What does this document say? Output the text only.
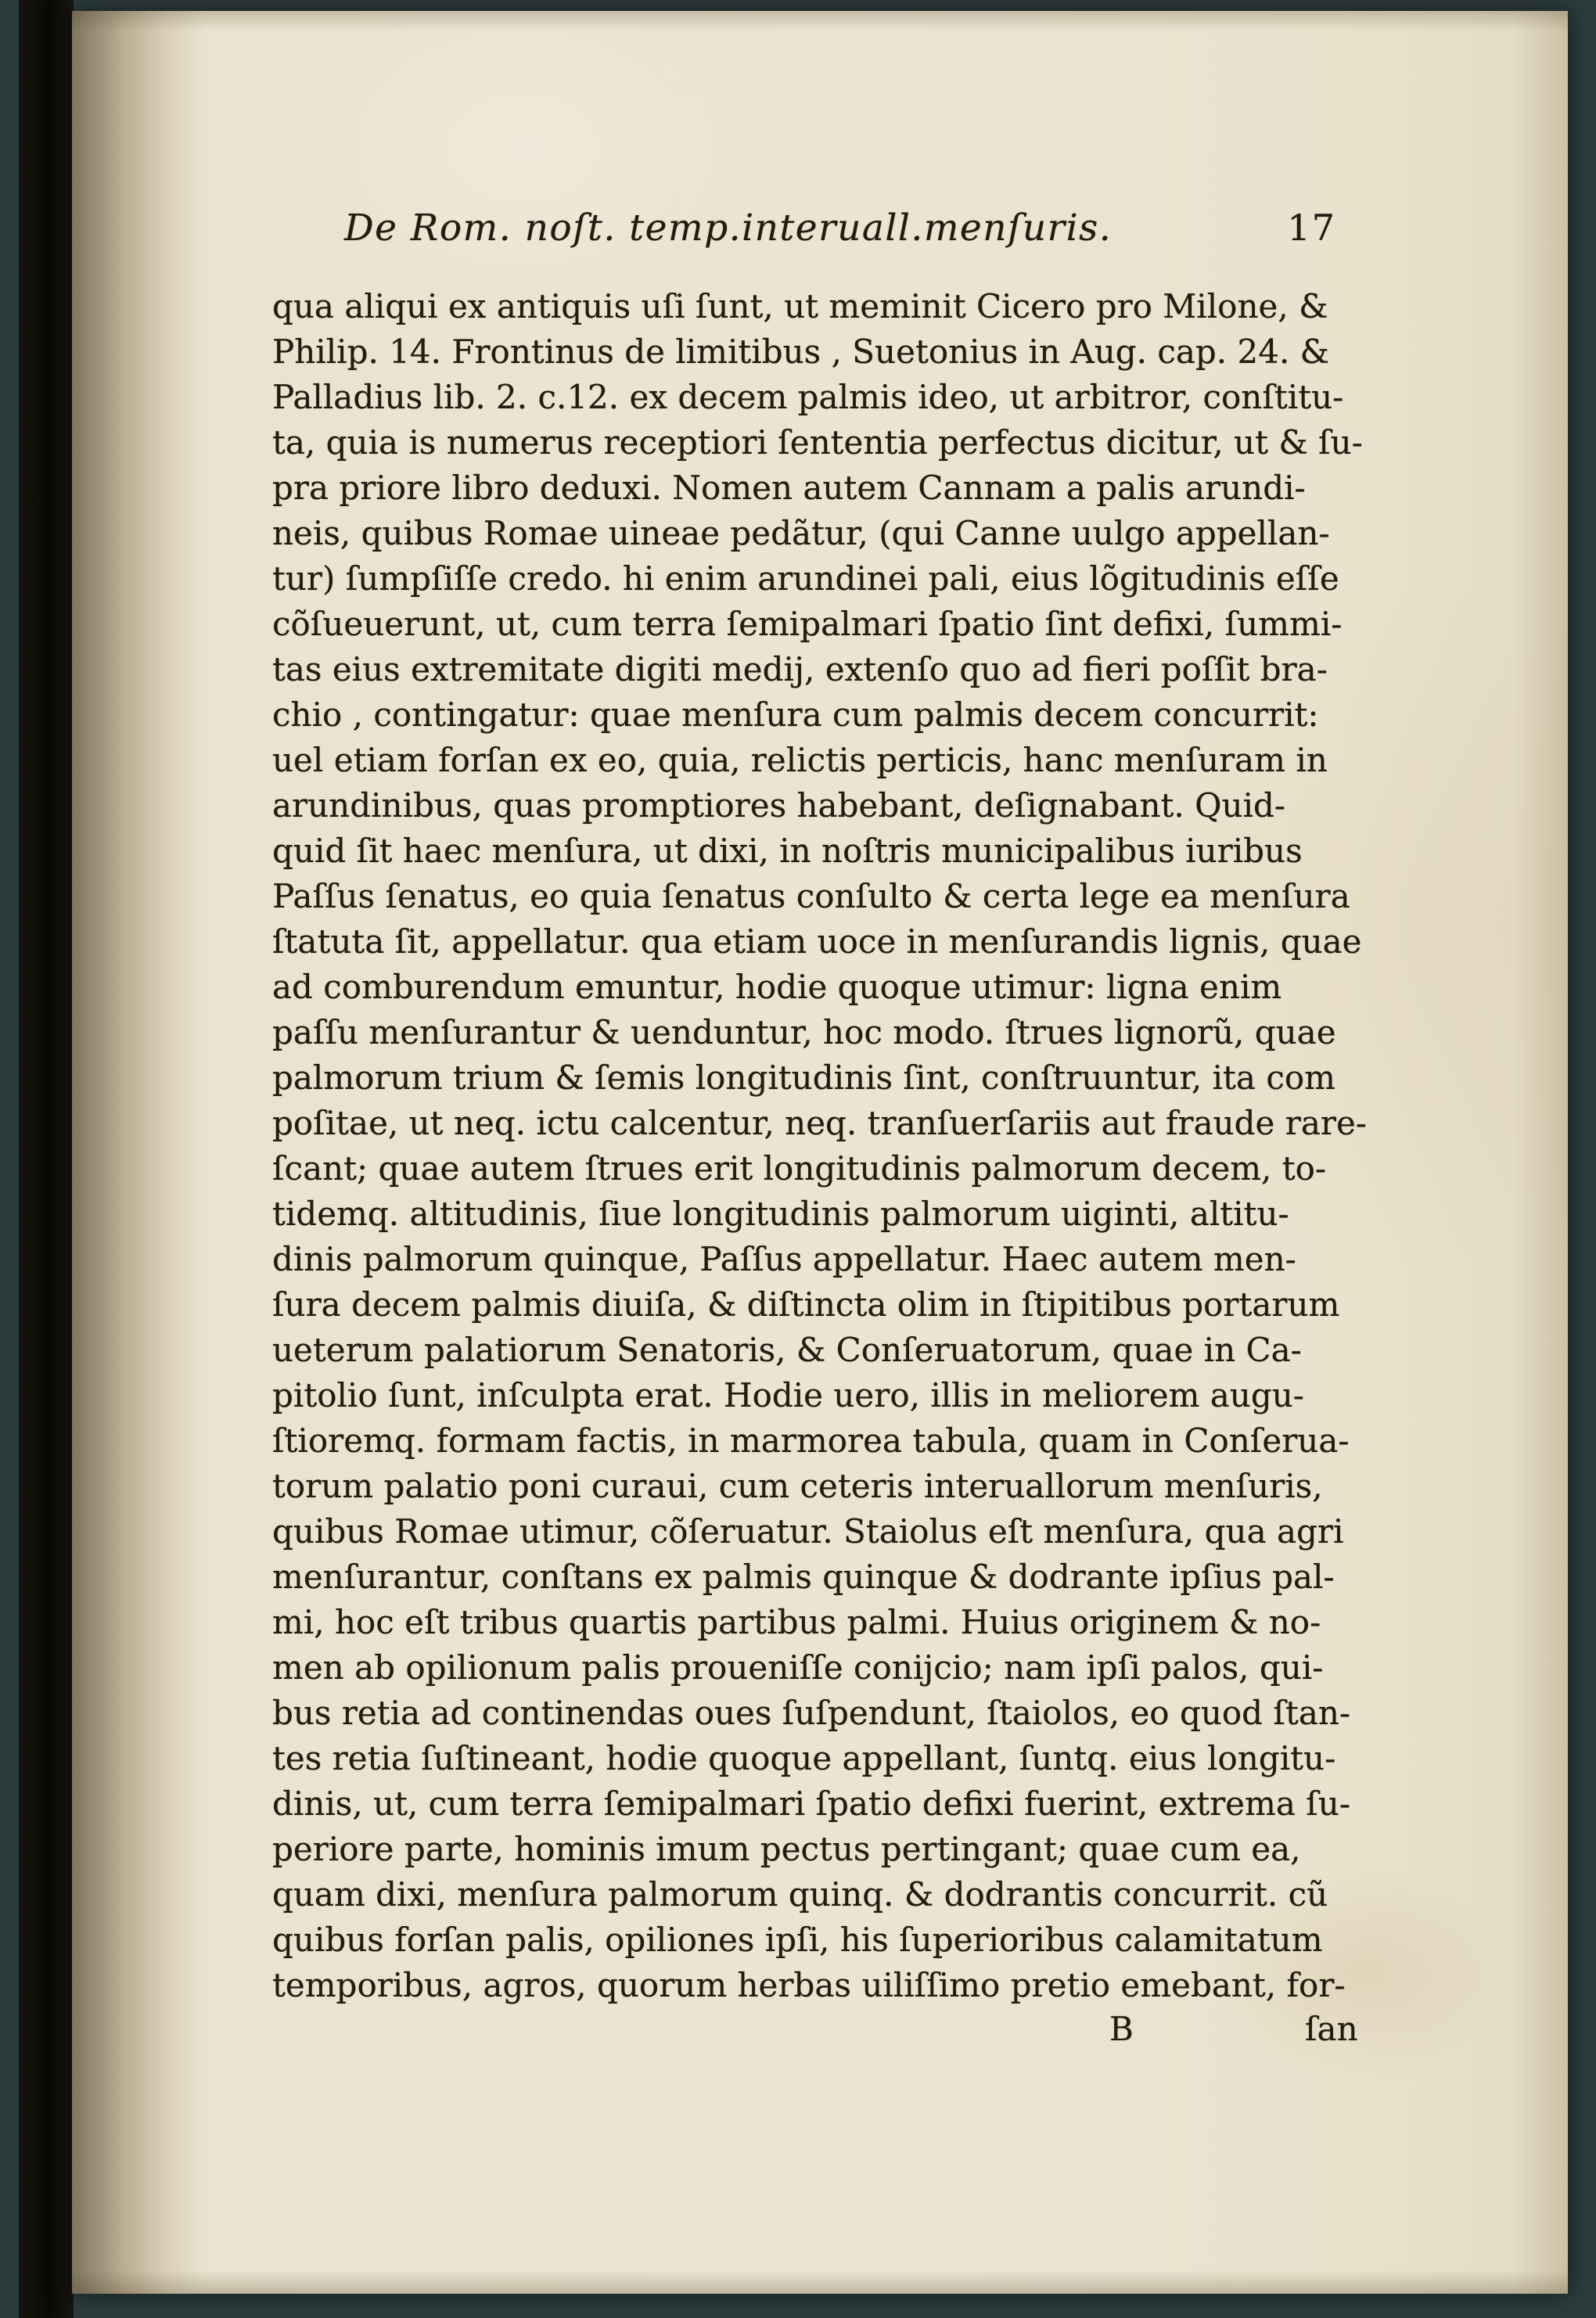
De Rom. noſt. temp.interuall.menſuris.	17
qua aliqui ex antiquis uſi ſunt, ut meminit Cicero pro Milone, &
Philip. 14. Frontinus de limitibus , Suetonius in Aug. cap. 24. &
Palladius lib. 2. c.12. ex decem palmis ideo, ut arbitror, conſtitu-
ta, quia is numerus receptiori ſententia perfectus dicitur, ut & ſu-
pra priore libro deduxi. Nomen autem Cannam a palis arundi-
neis, quibus Romae uineae pedãtur, (qui Canne uulgo appellan-
tur) ſumpſiſſe credo. hi enim arundinei pali, eius lõgitudinis eſſe
cõſueuerunt, ut, cum terra ſemipalmari ſpatio ſint defixi, ſummi-
tas eius extremitate digiti medij, extenſo quo ad fieri poſſit bra-
chio , contingatur: quae menſura cum palmis decem concurrit:
uel etiam forſan ex eo, quia, relictis perticis, hanc menſuram in
arundinibus, quas promptiores habebant, deſignabant. Quid-
quid ſit haec menſura, ut dixi, in noſtris municipalibus iuribus
Paſſus ſenatus, eo quia ſenatus conſulto & certa lege ea menſura
ſtatuta ſit, appellatur. qua etiam uoce in menſurandis lignis, quae
ad comburendum emuntur, hodie quoque utimur: ligna enim
paſſu menſurantur & uenduntur, hoc modo. ſtrues lignorũ, quae
palmorum trium & ſemis longitudinis ſint, conſtruuntur, ita com
poſitae, ut neq. ictu calcentur, neq. tranſuerſariis aut fraude rare-
ſcant; quae autem ſtrues erit longitudinis palmorum decem, to-
tidemq. altitudinis, ſiue longitudinis palmorum uiginti, altitu-
dinis palmorum quinque, Paſſus appellatur. Haec autem men-
ſura decem palmis diuiſa, & diſtincta olim in ſtipitibus portarum
ueterum palatiorum Senatoris, & Conſeruatorum, quae in Ca-
pitolio ſunt, inſculpta erat. Hodie uero, illis in meliorem augu-
ſtioremq. formam factis, in marmorea tabula, quam in Conſerua-
torum palatio poni curaui, cum ceteris interuallorum menſuris,
quibus Romae utimur, cõſeruatur. Staiolus eſt menſura, qua agri
menſurantur, conſtans ex palmis quinque & dodrante ipſius pal-
mi, hoc eſt tribus quartis partibus palmi. Huius originem & no-
men ab opilionum palis proueniſſe conijcio; nam ipſi palos, qui-
bus retia ad continendas oues ſuſpendunt, ſtaiolos, eo quod ſtan-
tes retia ſuſtineant, hodie quoque appellant, ſuntq. eius longitu-
dinis, ut, cum terra ſemipalmari ſpatio defixi fuerint, extrema ſu-
periore parte, hominis imum pectus pertingant; quae cum ea,
quam dixi, menſura palmorum quinq. & dodrantis concurrit. cũ
quibus forſan palis, opiliones ipſi, his ſuperioribus calamitatum
temporibus, agros, quorum herbas uiliſſimo pretio emebant, for-
B	ſan
